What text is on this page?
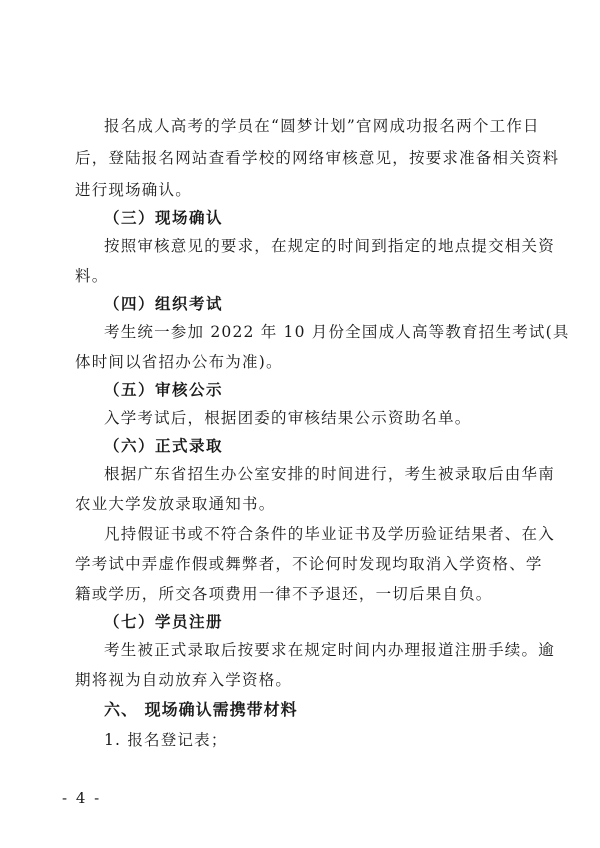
报名成人高考的学员在“圆梦计划”官网成功报名两个工作日
后，登陆报名网站查看学校的网络审核意见，按要求准备相关资料
进行现场确认。
（三）现场确认
按照审核意见的要求，在规定的时间到指定的地点提交相关资
料。
（四）组织考试
考生统一参加 2022 年 10 月份全国成人高等教育招生考试(具
体时间以省招办公布为准)。
（五）审核公示
入学考试后，根据团委的审核结果公示资助名单。
（六）正式录取
根据广东省招生办公室安排的时间进行，考生被录取后由华南
农业大学发放录取通知书。
凡持假证书或不符合条件的毕业证书及学历验证结果者、在入
学考试中弄虚作假或舞弊者，不论何时发现均取消入学资格、学
籍或学历，所交各项费用一律不予退还，一切后果自负。
（七）学员注册
考生被正式录取后按要求在规定时间内办理报道注册手续。逾
期将视为自动放弃入学资格。
六、 现场确认需携带材料
1. 报名登记表；
- 4 -
